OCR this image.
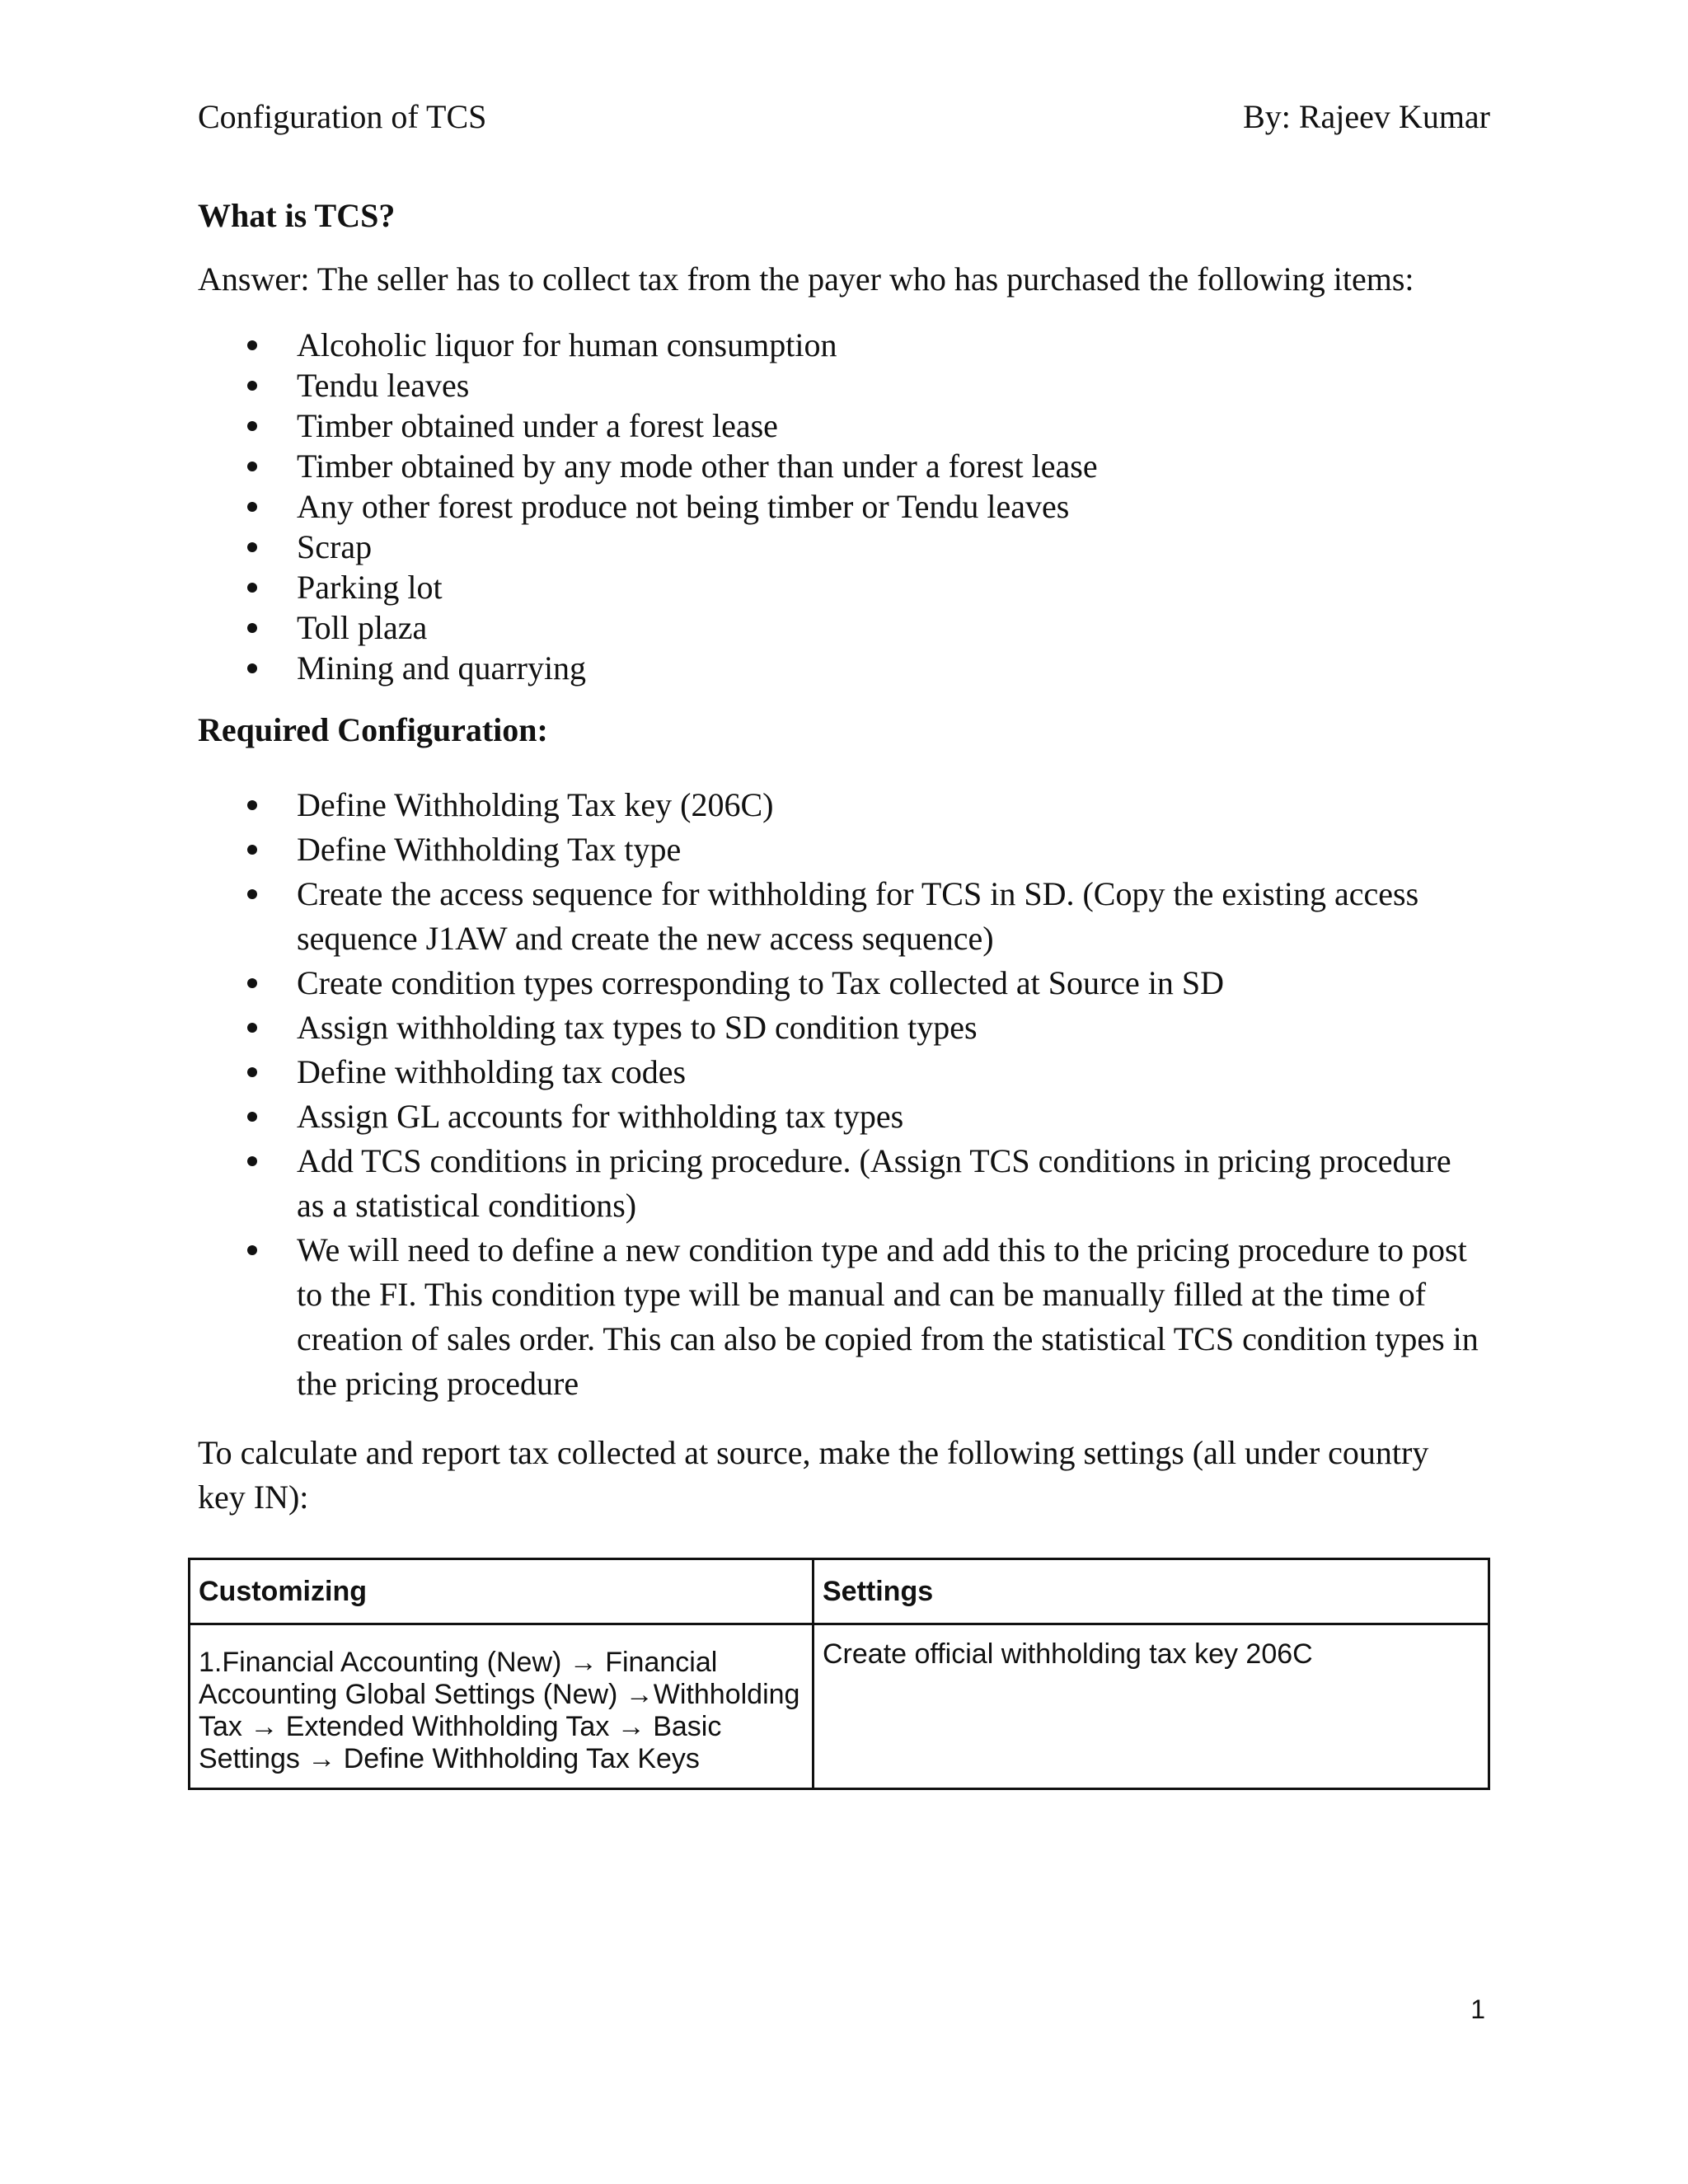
Configuration of TCS	By: Rajeev Kumar
What is TCS?
Answer: The seller has to collect tax from the payer who has purchased the following items:
Alcoholic liquor for human consumption
Tendu leaves
Timber obtained under a forest lease
Timber obtained by any mode other than under a forest lease
Any other forest produce not being timber or Tendu leaves
Scrap
Parking lot
Toll plaza
Mining and quarrying
Required Configuration:
Define Withholding Tax key (206C)
Define Withholding Tax type
Create the access sequence for withholding for TCS in SD. (Copy the existing access sequence J1AW and create the new access sequence)
Create condition types corresponding to Tax collected at Source in SD
Assign withholding tax types to SD condition types
Define withholding tax codes
Assign GL accounts for withholding tax types
Add TCS conditions in pricing procedure. (Assign TCS conditions in pricing procedure as a statistical conditions)
We will need to define a new condition type and add this to the pricing procedure to post to the FI. This condition type will be manual and can be manually filled at the time of creation of sales order. This can also be copied from the statistical TCS condition types in the pricing procedure
To calculate and report tax collected at source, make the following settings (all under country key IN):
Customizing	Settings
1.Financial Accounting (New) → Financial Accounting Global Settings (New) →Withholding Tax → Extended Withholding Tax → Basic Settings → Define Withholding Tax Keys	Create official withholding tax key 206C
1
